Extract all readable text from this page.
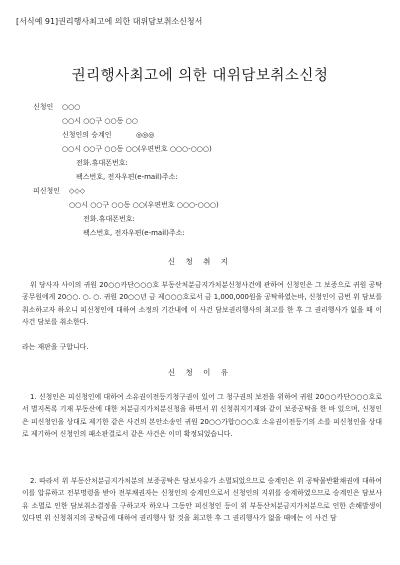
[서식예 91]권리행사최고에 의한 대위담보취소신청서
권리행사최고에 의한 대위담보취소신청
신청인 ○○○
○○시 ○○구 ○○동 ○○
신청인의 승계인	◎◎◎
○○시 ○○구 ○○동 ○○(우편번호 ○○○-○○○)
전화.휴대폰번호:
팩스번호, 전자우편(e-mail)주소:
피신청인 ◇◇◇
○○시 ○○구 ○○동 ○○(우편번호 ○○○-○○○)
전화.휴대폰번호:
팩스번호, 전자우편(e-mail)주소:
신 청 취 지
위 당사자 사이의 귀원 20○○카단○○○호 부동산처분금지가처분신청사건에 관하여 신청인은 그 보증으로 귀원 공탁공무원에게 20○○. ○. ○. 귀원 20○○년 금 제○○○호로서 금 1,000,000원을 공탁하였는바, 신청인이 금번 위 담보를 취소하고자 하오니 피신청인에 대하여 소정의 기간내에 이 사건 담보권리행사의 최고를 한 후 그 권리행사가 없을 때 이 사건 담보를 취소한다.
라는 재판을 구합니다.
신 청 이 유
1. 신청인은 피신청인에 대하여 소유권이전등기청구권이 있어 그 청구권의 보전을 위하여 귀원 20○○카단○○○호로서 별지목록 기재 부동산에 대한 처분금지가처분신청을 하면서 위 신청취지기재와 같이 보증공탁을 한 바 있으며, 신청인은 피신청인을 상대로 제기한 같은 사건의 본안소송인 귀원 20○○가합○○○호 소유권이전등기의 소를 피신청인을 상대로 제기하여 신청인의 패소판결로서 같은 사건은 이미 확정되었습니다.
2. 따라서 위 부동산처분금지가처분의 보증공탁은 담보사유가 소멸되었으므로 승계인은 위 공탁물반환채권에 대하여 이를 압류하고 전부명령을 받아 전부채권자는 신청인의 승계인으로서 신청인의 지위를 승계하였으므로 승계인은 담보사유 소멸로 인한 담보취소결정을 구하고자 하오나 그동안 피신청인 등이 위 부동산처분금지가처분으로 인한 손해발생이 있다면 위 신청취지의 공탁금에 대하여 권리행사 할 것을 최고한 후 그 권리행사가 없을 때에는 이 사건 담
